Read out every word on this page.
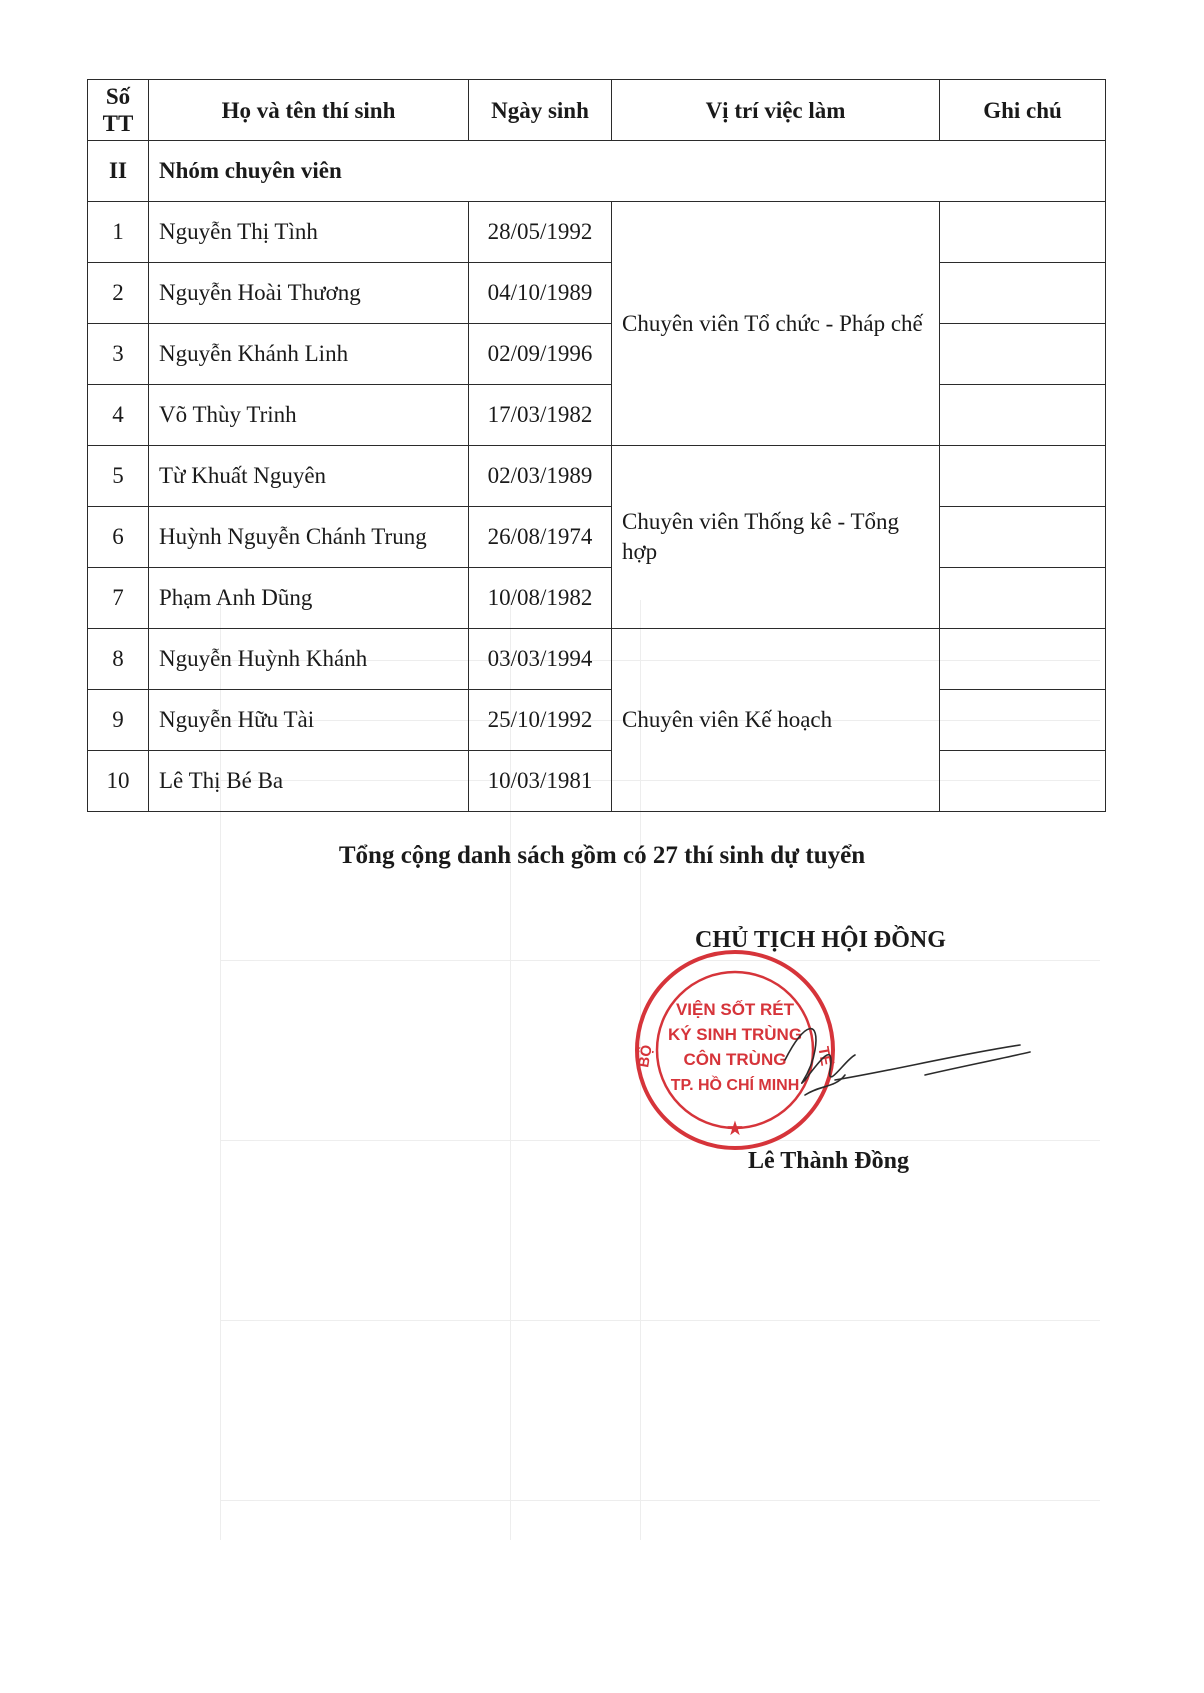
Số
TT	Họ và tên thí sinh	Ngày sinh	Vị trí việc làm	Ghi chú
II	Nhóm chuyên viên			
1	Nguyễn Thị Tình	28/05/1992	Chuyên viên Tổ chức - Pháp chế	
2	Nguyễn Hoài Thương	04/10/1989		
3	Nguyễn Khánh Linh	02/09/1996		
4	Võ Thùy Trinh	17/03/1982		
5	Từ Khuất Nguyên	02/03/1989	Chuyên viên Thống kê - Tổng hợp	
6	Huỳnh Nguyễn Chánh Trung	26/08/1974		
7	Phạm Anh Dũng	10/08/1982		
8	Nguyễn Huỳnh Khánh	03/03/1994	Chuyên viên Kế hoạch	
9	Nguyễn Hữu Tài	25/10/1992		
10	Lê Thị Bé Ba	10/03/1981		
Tổng cộng danh sách gồm có 27 thí sinh dự tuyển
VIỆN SỐT RÉT
KÝ SINH TRÙNG
CÔN TRÙNG
TP. HỒ CHÍ MINH
BỘ	TẾ
★
CHỦ TỊCH HỘI ĐỒNG
Lê Thành Đồng
